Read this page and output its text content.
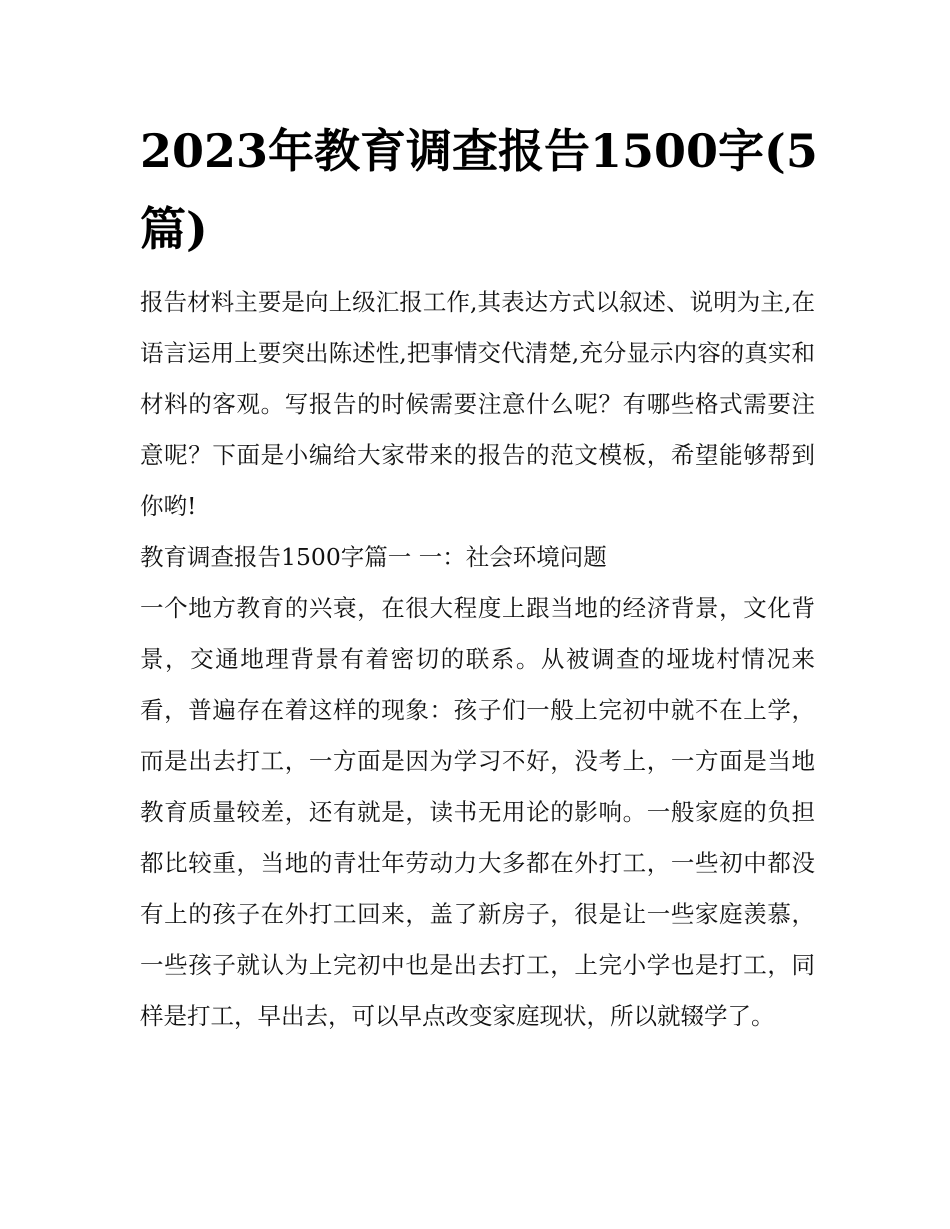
2023年教育调查报告1500字(5篇)

报告材料主要是向上级汇报工作,其表达方式以叙述、说明为主,在语言运用上要突出陈述性,把事情交代清楚,充分显示内容的真实和材料的客观。写报告的时候需要注意什么呢？有哪些格式需要注意呢？下面是小编给大家带来的报告的范文模板，希望能够帮到你哟!

教育调查报告1500字篇一 一：社会环境问题

一个地方教育的兴衰，在很大程度上跟当地的经济背景，文化背景，交通地理背景有着密切的联系。从被调查的垭垅村情况来看，普遍存在着这样的现象：孩子们一般上完初中就不在上学，而是出去打工，一方面是因为学习不好，没考上，一方面是当地教育质量较差，还有就是，读书无用论的影响。一般家庭的负担都比较重，当地的青壮年劳动力大多都在外打工，一些初中都没有上的孩子在外打工回来，盖了新房子，很是让一些家庭羡慕，一些孩子就认为上完初中也是出去打工，上完小学也是打工，同样是打工，早出去，可以早点改变家庭现状，所以就辍学了。
